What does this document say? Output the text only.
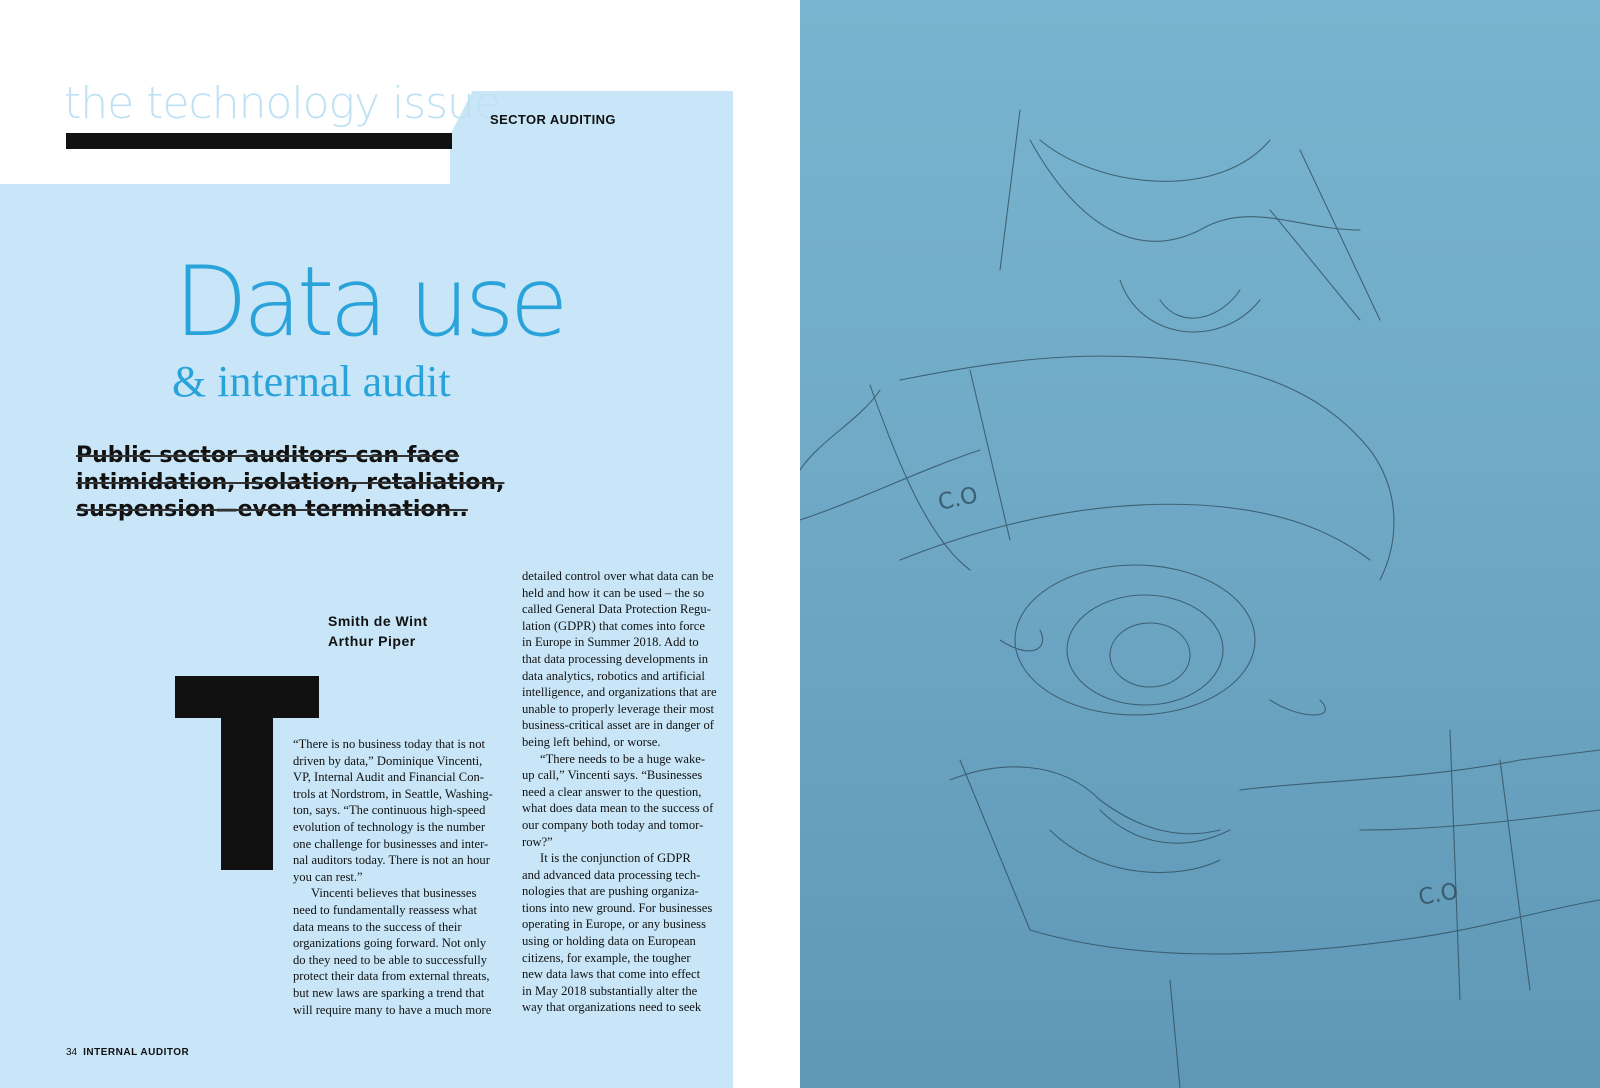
the technology issue
SECTOR AUDITING
Data use
& internal audit
Public sector auditors can face intimidation, isolation, retaliation, suspension—even termination..
Smith de Wint
Arthur Piper

“There is no business today that is not

driven by data,” Dominique Vincenti,

VP, Internal Audit and Financial Con-

trols at Nordstrom, in Seattle, Washing-

ton, says. “The continuous high-speed

evolution of technology is the number

one challenge for businesses and inter-

nal auditors today. There is not an hour

you can rest.”

Vincenti believes that businesses

need to fundamentally reassess what

data means to the success of their

organizations going forward. Not only

do they need to be able to successfully

protect their data from external threats,

but new laws are sparking a trend that

will require many to have a much more

detailed control over what data can be

held and how it can be used – the so

called General Data Protection Regu-

lation (GDPR) that comes into force

in Europe in Summer 2018. Add to

that data processing developments in

data analytics, robotics and artificial

intelligence, and organizations that are

unable to properly leverage their most

business-critical asset are in danger of

being left behind, or worse.

“There needs to be a huge wake-

up call,” Vincenti says. “Businesses

need a clear answer to the question,

what does data mean to the success of

our company both today and tomor-

row?”

It is the conjunction of GDPR

and advanced data processing tech-

nologies that are pushing organiza-

tions into new ground. For businesses

operating in Europe, or any business

using or holding data on European

citizens, for example, the tougher

new data laws that come into effect

in May 2018 substantially alter the

way that organizations need to seek

34 INTERNAL AUDITOR
C.O
C.O
